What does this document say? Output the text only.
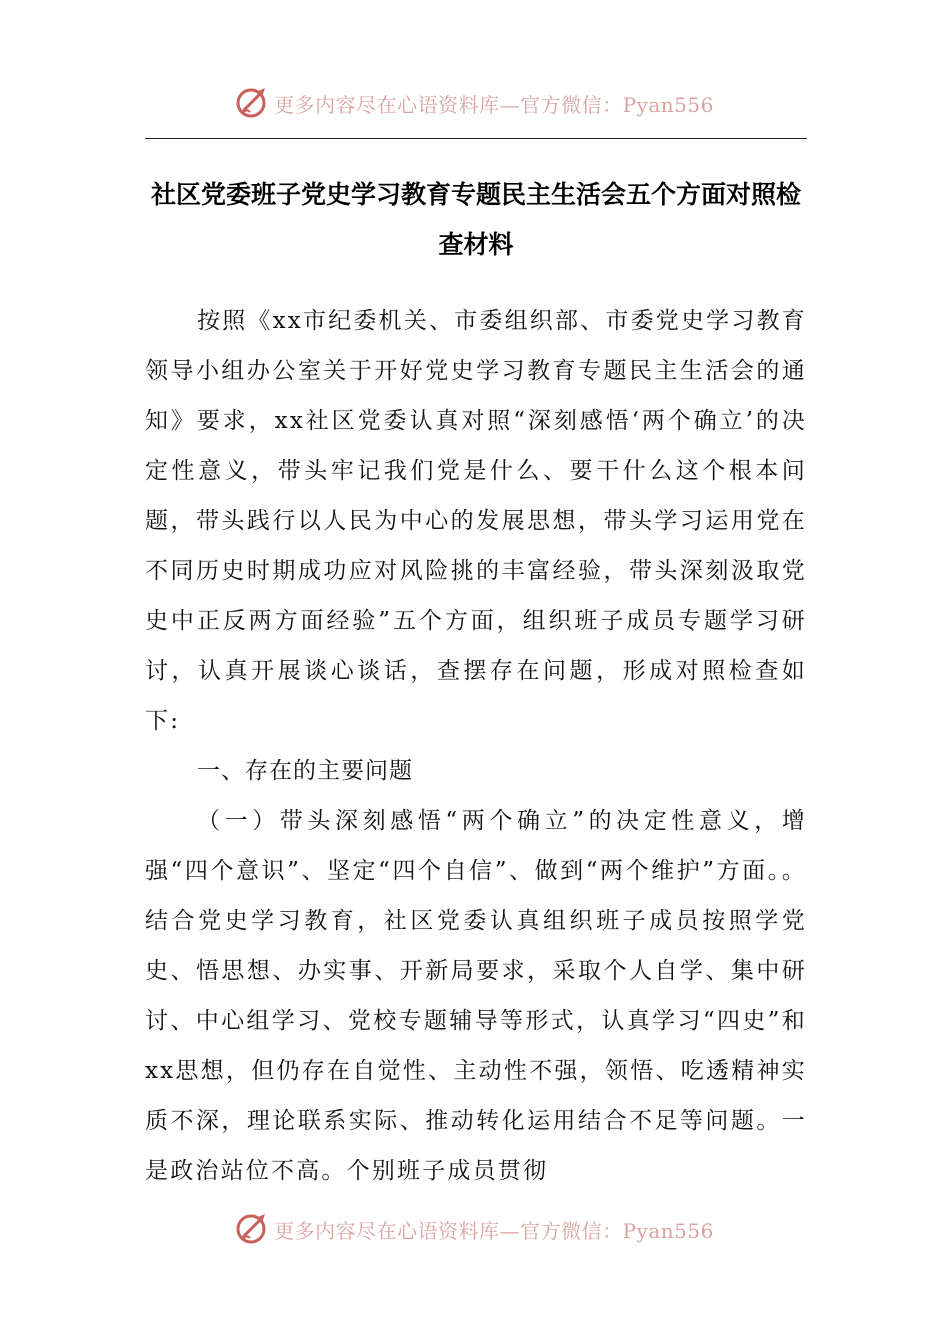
更多内容尽在心语资料库—官方微信：Pyan556
社区党委班子党史学习教育专题民主生活会五个方面对照检查材料

按照《xx市纪委机关、市委组织部、市委党史学习教育领导小组办公室关于开好党史学习教育专题民主生活会的通知》要求，xx社区党委认真对照“深刻感悟‘两个确立’的决定性意义，带头牢记我们党是什么、要干什么这个根本问题，带头践行以人民为中心的发展思想，带头学习运用党在不同历史时期成功应对风险挑的丰富经验，带头深刻汲取党史中正反两方面经验”五个方面，组织班子成员专题学习研讨，认真开展谈心谈话，查摆存在问题，形成对照检查如下:

一、存在的主要问题

（一）带头深刻感悟“两个确立”的决定性意义，增强“四个意识”、坚定“四个自信”、做到“两个维护”方面。。结合党史学习教育，社区党委认真组织班子成员按照学党史、悟思想、办实事、开新局要求，采取个人自学、集中研讨、中心组学习、党校专题辅导等形式，认真学习“四史”和xx思想，但仍存在自觉性、主动性不强，领悟、吃透精神实质不深，理论联系实际、推动转化运用结合不足等问题。一是政治站位不高。个别班子成员贯彻

更多内容尽在心语资料库—官方微信：Pyan556
